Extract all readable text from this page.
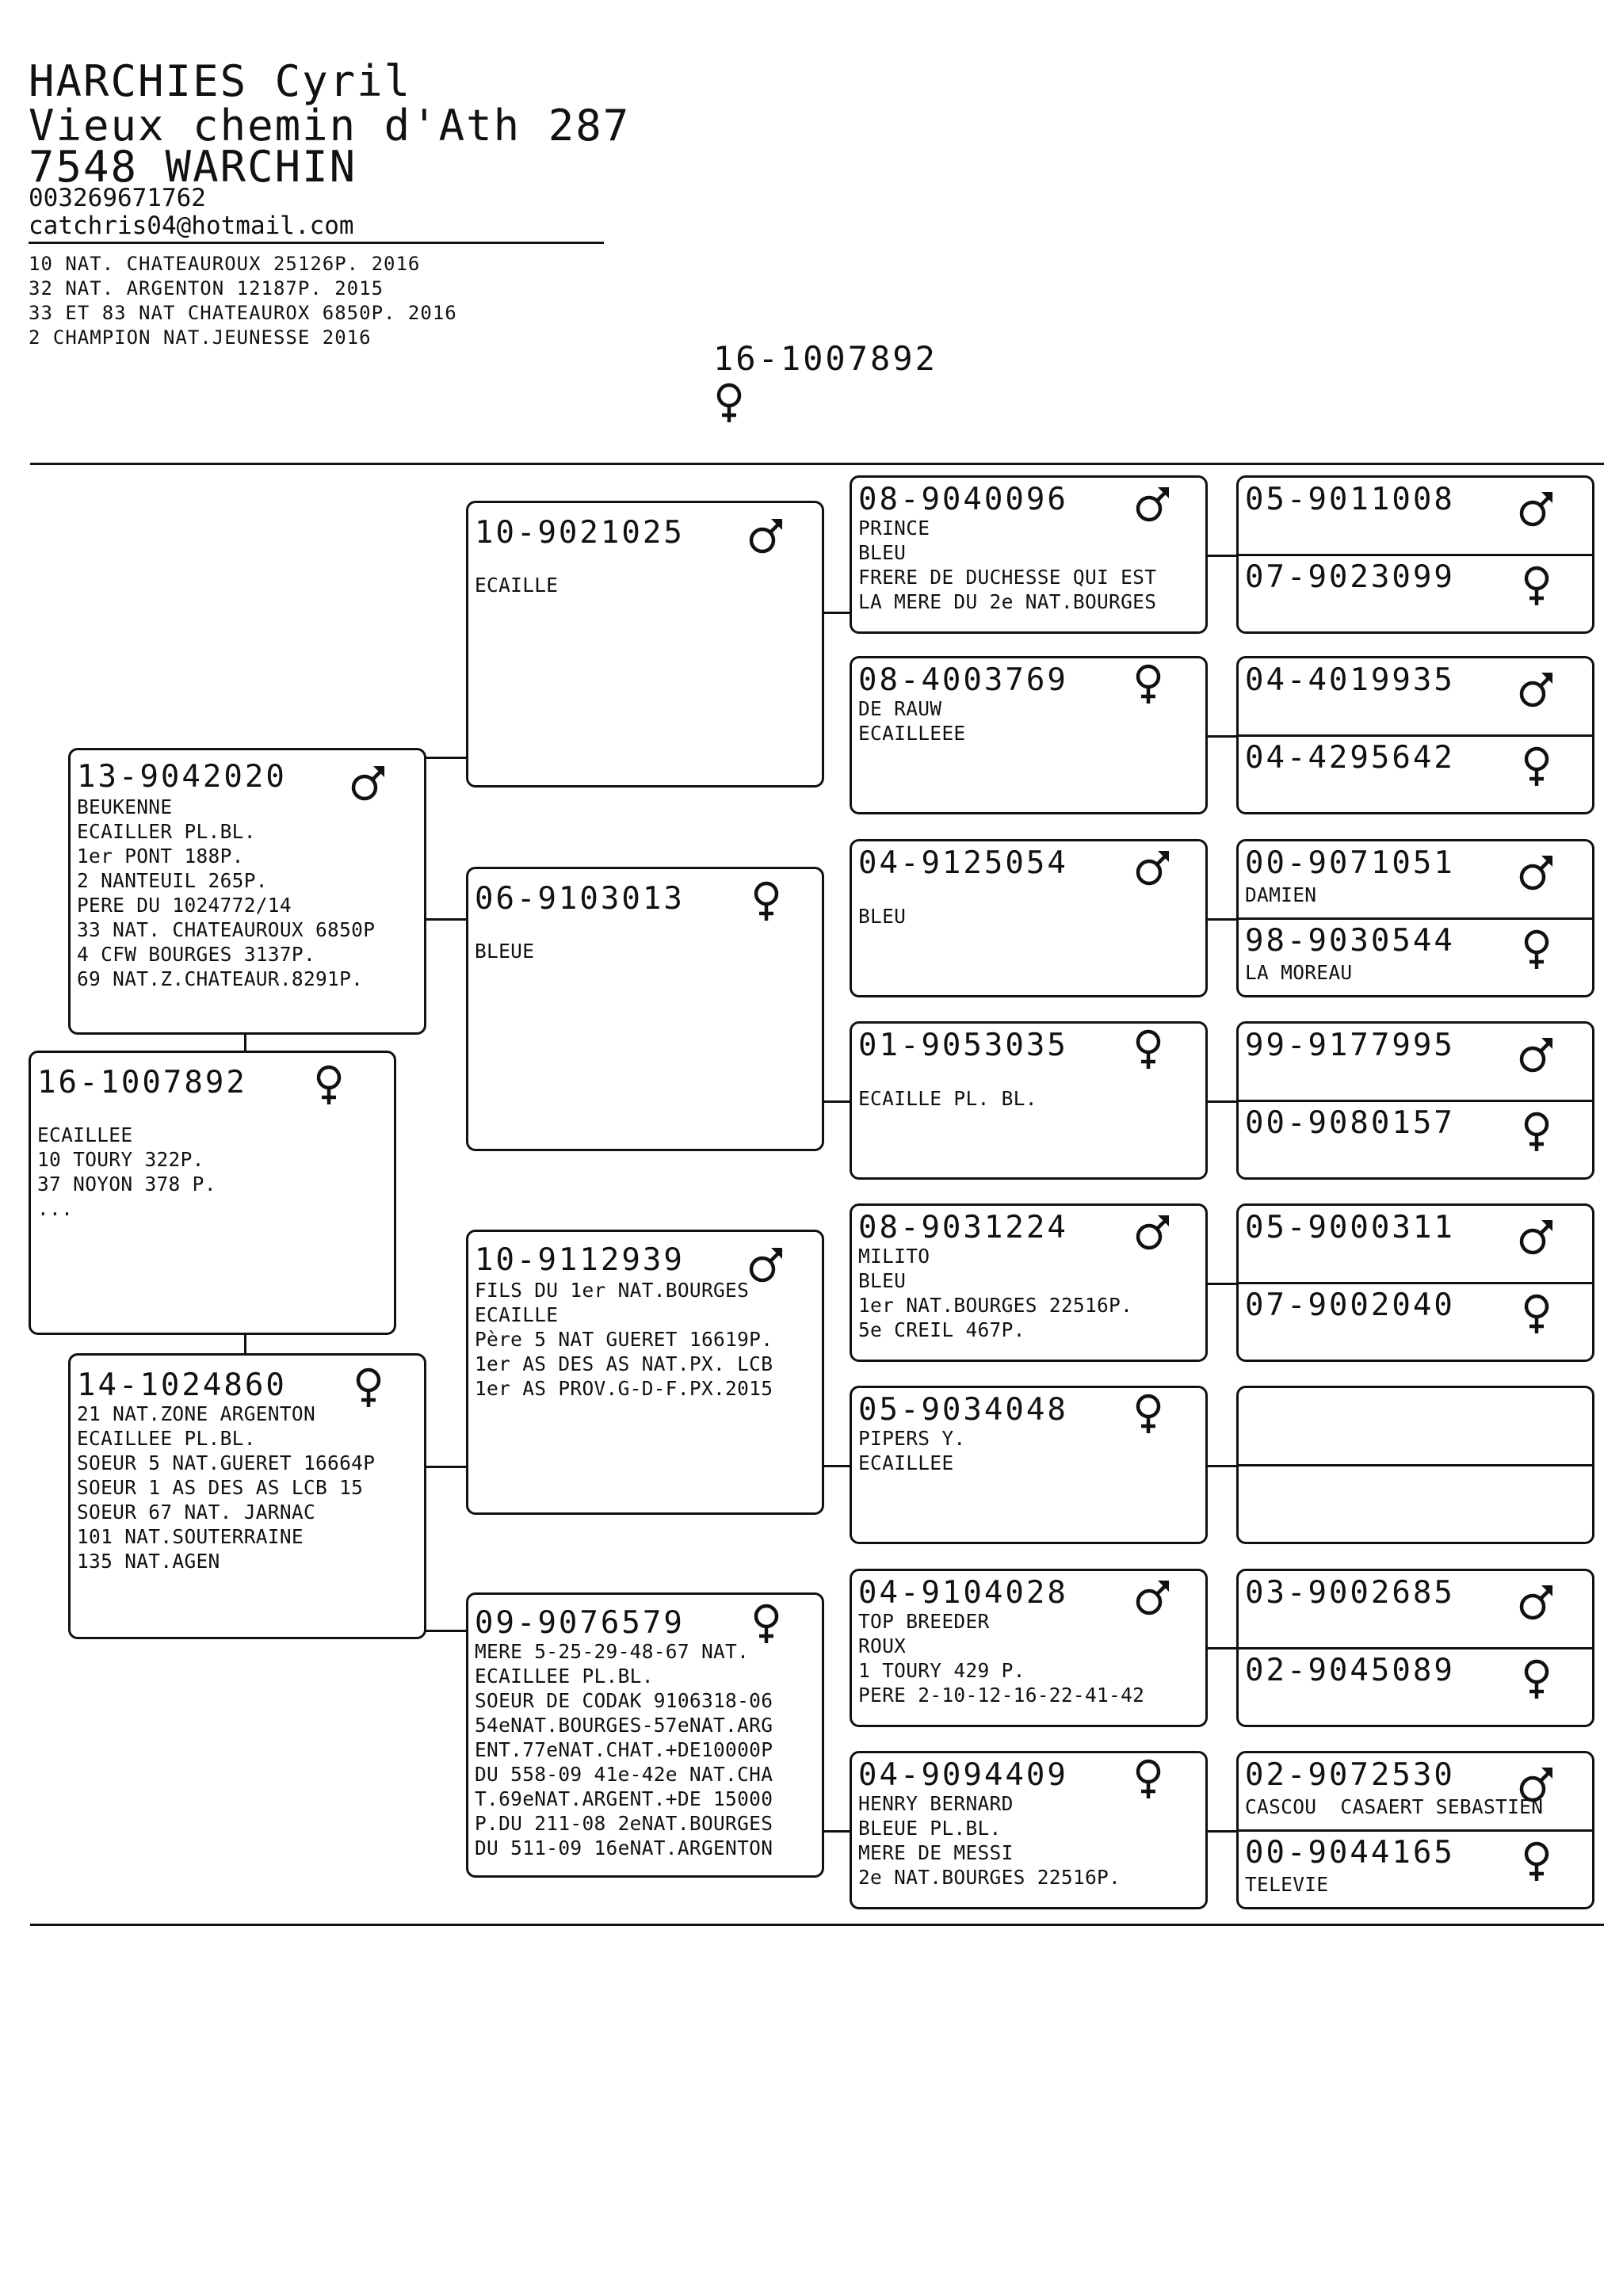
HARCHIES Cyril
Vieux chemin d'Ath 287
7548 WARCHIN
003269671762
catchris04@hotmail.com
10 NAT. CHATEAUROUX 25126P. 2016
32 NAT. ARGENTON 12187P. 2015
33 ET 83 NAT CHATEAUROX 6850P. 2016
2 CHAMPION NAT.JEUNESSE 2016
16-1007892
13-9042020
BEUKENNE
ECAILLER PL.BL.
1er PONT 188P.
2 NANTEUIL 265P.
PERE DU 1024772/14
33 NAT. CHATEAUROUX 6850P
4 CFW BOURGES 3137P.
69 NAT.Z.CHATEAUR.8291P.
16-1007892
ECAILLEE
10 TOURY 322P.
37 NOYON 378 P.
...
14-1024860
21 NAT.ZONE ARGENTON
ECAILLEE PL.BL.
SOEUR 5 NAT.GUERET 16664P
SOEUR 1 AS DES AS LCB 15
SOEUR 67 NAT. JARNAC
101 NAT.SOUTERRAINE
135 NAT.AGEN
10-9021025
ECAILLE
06-9103013
BLEUE
10-9112939
FILS DU 1er NAT.BOURGES
ECAILLE
Père 5 NAT GUERET 16619P.
1er AS DES AS NAT.PX. LCB
1er AS PROV.G-D-F.PX.2015
09-9076579
MERE 5-25-29-48-67 NAT.
ECAILLEE PL.BL.
SOEUR DE CODAK 9106318-06
54eNAT.BOURGES-57eNAT.ARG
ENT.77eNAT.CHAT.+DE10000P
DU 558-09 41e-42e NAT.CHA
T.69eNAT.ARGENT.+DE 15000
P.DU 211-08 2eNAT.BOURGES
DU 511-09 16eNAT.ARGENTON
08-9040096
PRINCE
BLEU
FRERE DE DUCHESSE QUI EST
LA MERE DU 2e NAT.BOURGES
08-4003769
DE RAUW
ECAILLEEE
04-9125054
BLEU
01-9053035
ECAILLE PL. BL.
08-9031224
MILITO
BLEU
1er NAT.BOURGES 22516P.
5e CREIL 467P.
05-9034048
PIPERS Y.
ECAILLEE
04-9104028
TOP BREEDER
ROUX
1 TOURY 429 P.
PERE 2-10-12-16-22-41-42
04-9094409
HENRY BERNARD
BLEUE PL.BL.
MERE DE MESSI
2e NAT.BOURGES 22516P.
05-9011008
07-9023099
04-4019935
04-4295642
00-9071051
DAMIEN
98-9030544
LA MOREAU
99-9177995
00-9080157
05-9000311
07-9002040
03-9002685
02-9045089
02-9072530
CASCOU  CASAERT SEBASTIEN
00-9044165
TELEVIE
